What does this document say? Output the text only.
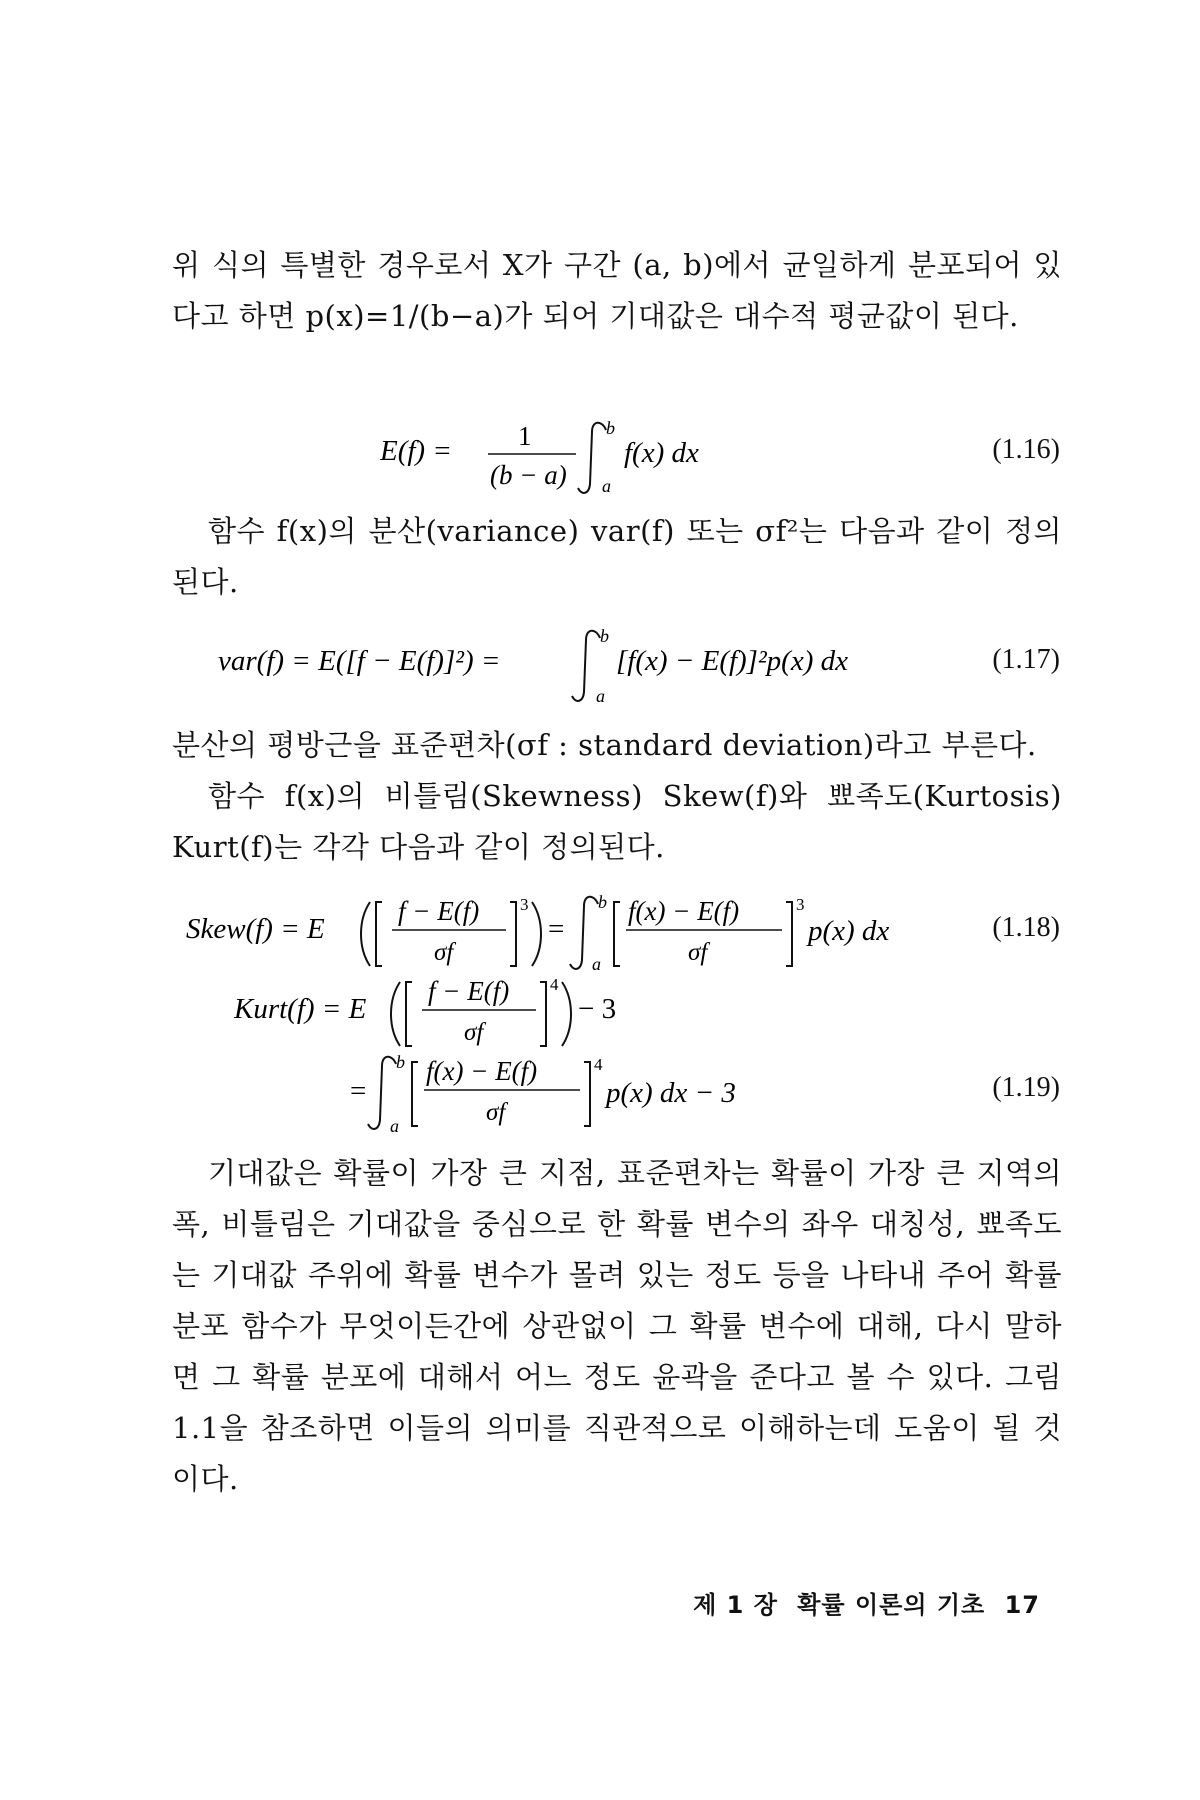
위 식의 특별한 경우로서 X가 구간 (a, b)에서 균일하게 분포되어 있다고 하면 p(x)=1/(b−a)가 되어 기대값은 대수적 평균값이 된다.
E(f) = 1
(b − a)
b
a
f(x) dx	(1.16)
함수 f(x)의 분산(variance) var(f) 또는 σf²는 다음과 같이 정의된다.
var(f) = E([f − E(f)]²) =
b
a
[f(x) − E(f)]²p(x) dx	(1.17)
분산의 평방근을 표준편차(σf : standard deviation)라고 부른다.
함수 f(x)의 비틀림(Skewness) Skew(f)와 뾰족도(Kurtosis) Kurt(f)는 각각 다음과 같이 정의된다.
Skew(f) = E
f − E(f)
σf
3
=
b
a
f(x) − E(f)
σf
3
p(x) dx	(1.18)
Kurt(f) = E
f − E(f)
σf
4
− 3
=
b
a
f(x) − E(f)
σf
4
p(x) dx − 3	(1.19)
기대값은 확률이 가장 큰 지점, 표준편차는 확률이 가장 큰 지역의 폭, 비틀림은 기대값을 중심으로 한 확률 변수의 좌우 대칭성, 뾰족도는 기대값 주위에 확률 변수가 몰려 있는 정도 등을 나타내 주어 확률 분포 함수가 무엇이든간에 상관없이 그 확률 변수에 대해, 다시 말하면 그 확률 분포에 대해서 어느 정도 윤곽을 준다고 볼 수 있다. 그림 1.1을 참조하면 이들의 의미를 직관적으로 이해하는데 도움이 될 것이다.
제 1 장 확률 이론의 기초 17
